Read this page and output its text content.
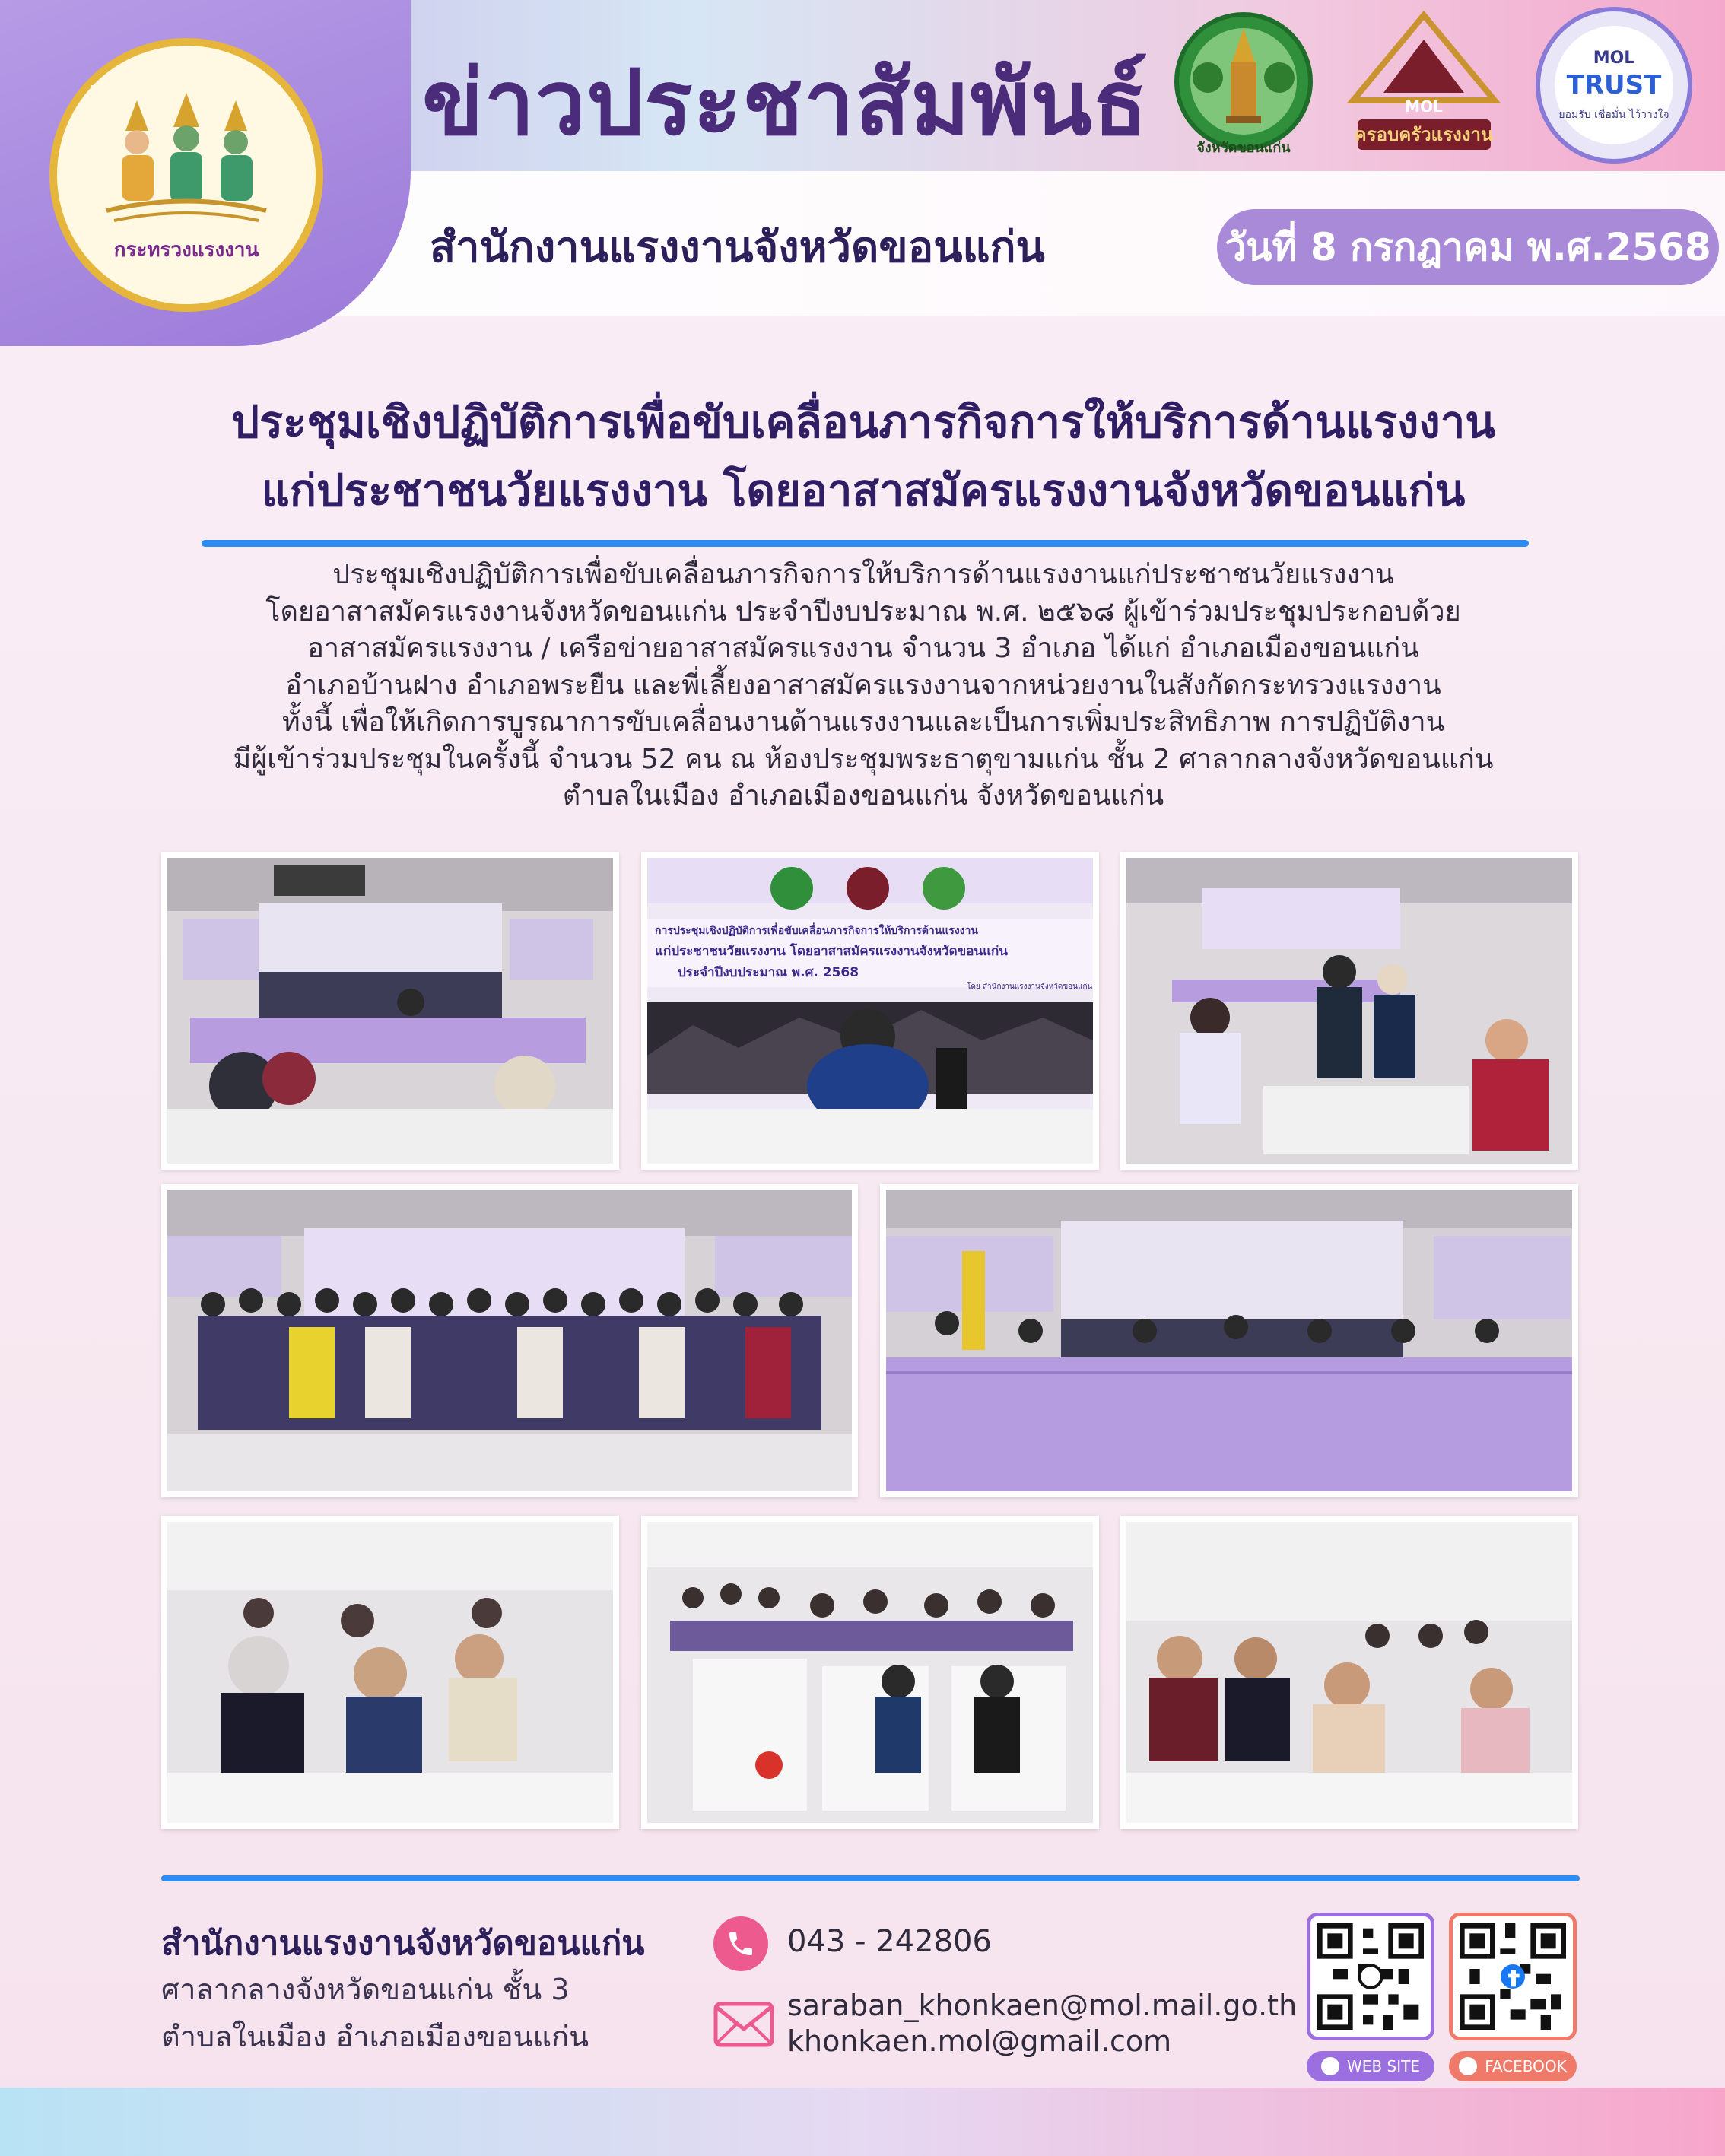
กระทรวงแรงงาน
ข่าวประชาสัมพันธ์	จังหวัดขอนแก่น
MOL
ครอบครัวแรงงาน
MOL
TRUST
ยอมรับ เชื่อมั่น ไว้วางใจ
สำนักงานแรงงานจังหวัดขอนแก่น	วันที่ 8 กรกฎาคม พ.ศ.2568
ประชุมเชิงปฏิบัติการเพื่อขับเคลื่อนภารกิจการให้บริการด้านแรงงาน
แก่ประชาชนวัยแรงงาน โดยอาสาสมัครแรงงานจังหวัดขอนแก่น
ประชุมเชิงปฏิบัติการเพื่อขับเคลื่อนภารกิจการให้บริการด้านแรงงานแก่ประชาชนวัยแรงงาน
โดยอาสาสมัครแรงงานจังหวัดขอนแก่น ประจำปีงบประมาณ พ.ศ. ๒๕๖๘ ผู้เข้าร่วมประชุมประกอบด้วย
อาสาสมัครแรงงาน / เครือข่ายอาสาสมัครแรงงาน จำนวน 3 อำเภอ ได้แก่ อำเภอเมืองขอนแก่น
อำเภอบ้านฝาง อำเภอพระยืน และพี่เลี้ยงอาสาสมัครแรงงานจากหน่วยงานในสังกัดกระทรวงแรงงาน
ทั้งนี้ เพื่อให้เกิดการบูรณาการขับเคลื่อนงานด้านแรงงานและเป็นการเพิ่มประสิทธิภาพ การปฏิบัติงาน
มีผู้เข้าร่วมประชุมในครั้งนี้ จำนวน 52 คน ณ ห้องประชุมพระธาตุขามแก่น ชั้น 2 ศาลากลางจังหวัดขอนแก่น
ตำบลในเมือง อำเภอเมืองขอนแก่น จังหวัดขอนแก่น
การประชุมเชิงปฏิบัติการเพื่อขับเคลื่อนภารกิจการให้บริการด้านแรงงาน
แก่ประชาชนวัยแรงงาน โดยอาสาสมัครแรงงานจังหวัดขอนแก่น
ประจำปีงบประมาณ พ.ศ. 2568
โดย สำนักงานแรงงานจังหวัดขอนแก่น
สำนักงานแรงงานจังหวัดขอนแก่น
ศาลากลางจังหวัดขอนแก่น ชั้น 3
ตำบลในเมือง อำเภอเมืองขอนแก่น
043 - 242806
saraban_khonkaen@mol.mail.go.th
khonkaen.mol@gmail.com
WEB SITE	FACEBOOK
